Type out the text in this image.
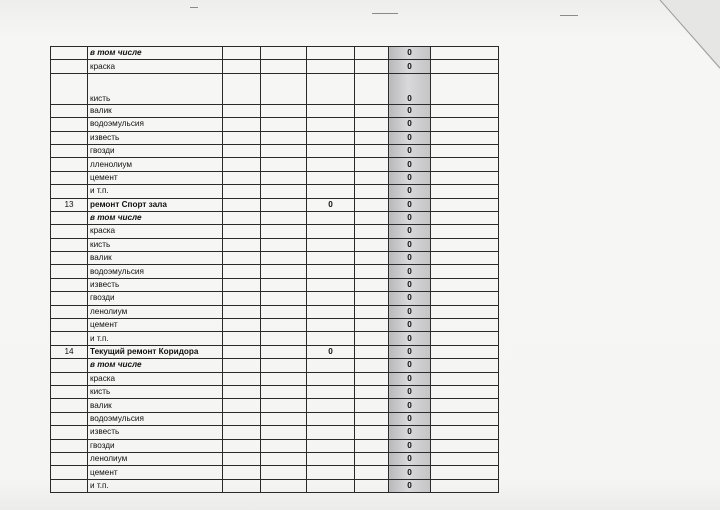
	в том числе					0	
	краска					0	
	кисть					0	
	валик					0	
	водоэмульсия					0	
	известь					0	
	гвозди					0	
	лленолиум					0	
	цемент					0	
	и т.п.					0	
13	ремонт Спорт зала			0		0	
	в том числе					0	
	краска					0	
	кисть					0	
	валик					0	
	водоэмульсия					0	
	известь					0	
	гвозди					0	
	ленолиум					0	
	цемент					0	
	и т.п.					0	
14	Текущий ремонт Коридора			0		0	
	в том числе					0	
	краска					0	
	кисть					0	
	валик					0	
	водоэмульсия					0	
	известь					0	
	гвозди					0	
	ленолиум					0	
	цемент					0	
	и т.п.					0	
